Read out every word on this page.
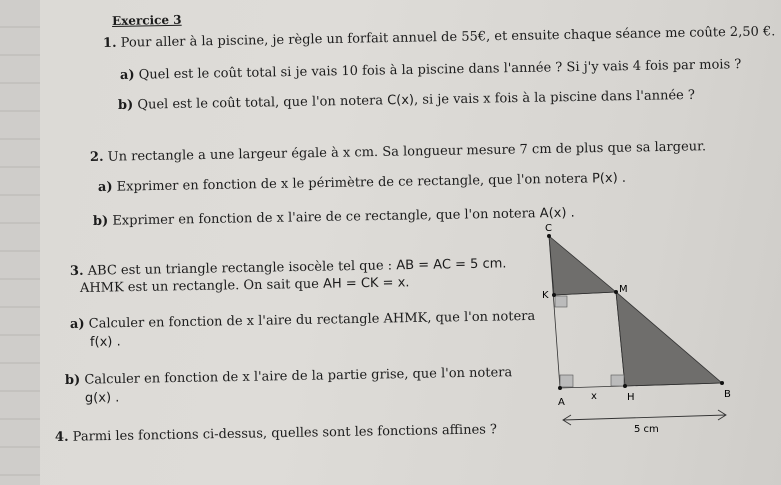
Exercice 3
1. Pour aller à la piscine, je règle un forfait annuel de 55€, et ensuite chaque séance me coûte 2,50 €.
a) Quel est le coût total si je vais 10 fois à la piscine dans l'année ? Si j'y vais 4 fois par mois ?
b) Quel est le coût total, que l'on notera C(x), si je vais x fois à la piscine dans l'année ?
2. Un rectangle a une largeur égale à x cm. Sa longueur mesure 7 cm de plus que sa largeur.
a) Exprimer en fonction de x le périmètre de ce rectangle, que l'on notera P(x) .
b) Exprimer en fonction de x l'aire de ce rectangle, que l'on notera A(x) .
3. ABC est un triangle rectangle isocèle tel que : AB = AC = 5 cm.
AHMK est un rectangle. On sait que AH = CK = x.
a) Calculer en fonction de x l'aire du rectangle AHMK, que l'on notera
f(x) .
b) Calculer en fonction de x l'aire de la partie grise, que l'on notera
g(x) .
4. Parmi les fonctions ci-dessus, quelles sont les fonctions affines ?
C
K
M
A
x	H	B
5 cm
